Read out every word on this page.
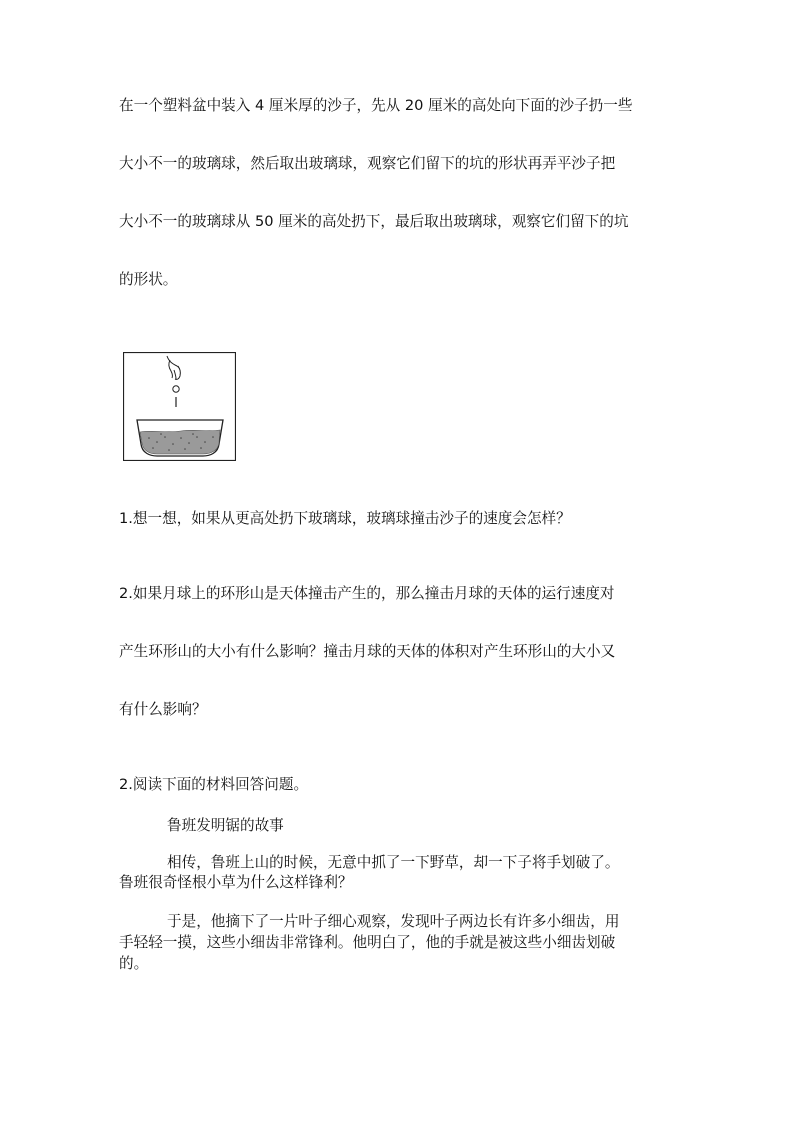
在一个塑料盆中装入 4 厘米厚的沙子，先从 20 厘米的高处向下面的沙子扔一些
大小不一的玻璃球，然后取出玻璃球，观察它们留下的坑的形状再弄平沙子把
大小不一的玻璃球从 50 厘米的高处扔下，最后取出玻璃球，观察它们留下的坑
的形状。
1.想一想，如果从更高处扔下玻璃球，玻璃球撞击沙子的速度会怎样？
2.如果月球上的环形山是天体撞击产生的，那么撞击月球的天体的运行速度对
产生环形山的大小有什么影响？撞击月球的天体的体积对产生环形山的大小又
有什么影响？
2.阅读下面的材料回答问题。
鲁班发明锯的故事
相传，鲁班上山的时候，无意中抓了一下野草，却一下子将手划破了。
鲁班很奇怪根小草为什么这样锋利？
于是，他摘下了一片叶子细心观察，发现叶子两边长有许多小细齿，用
手轻轻一摸，这些小细齿非常锋利。他明白了，他的手就是被这些小细齿划破
的。
